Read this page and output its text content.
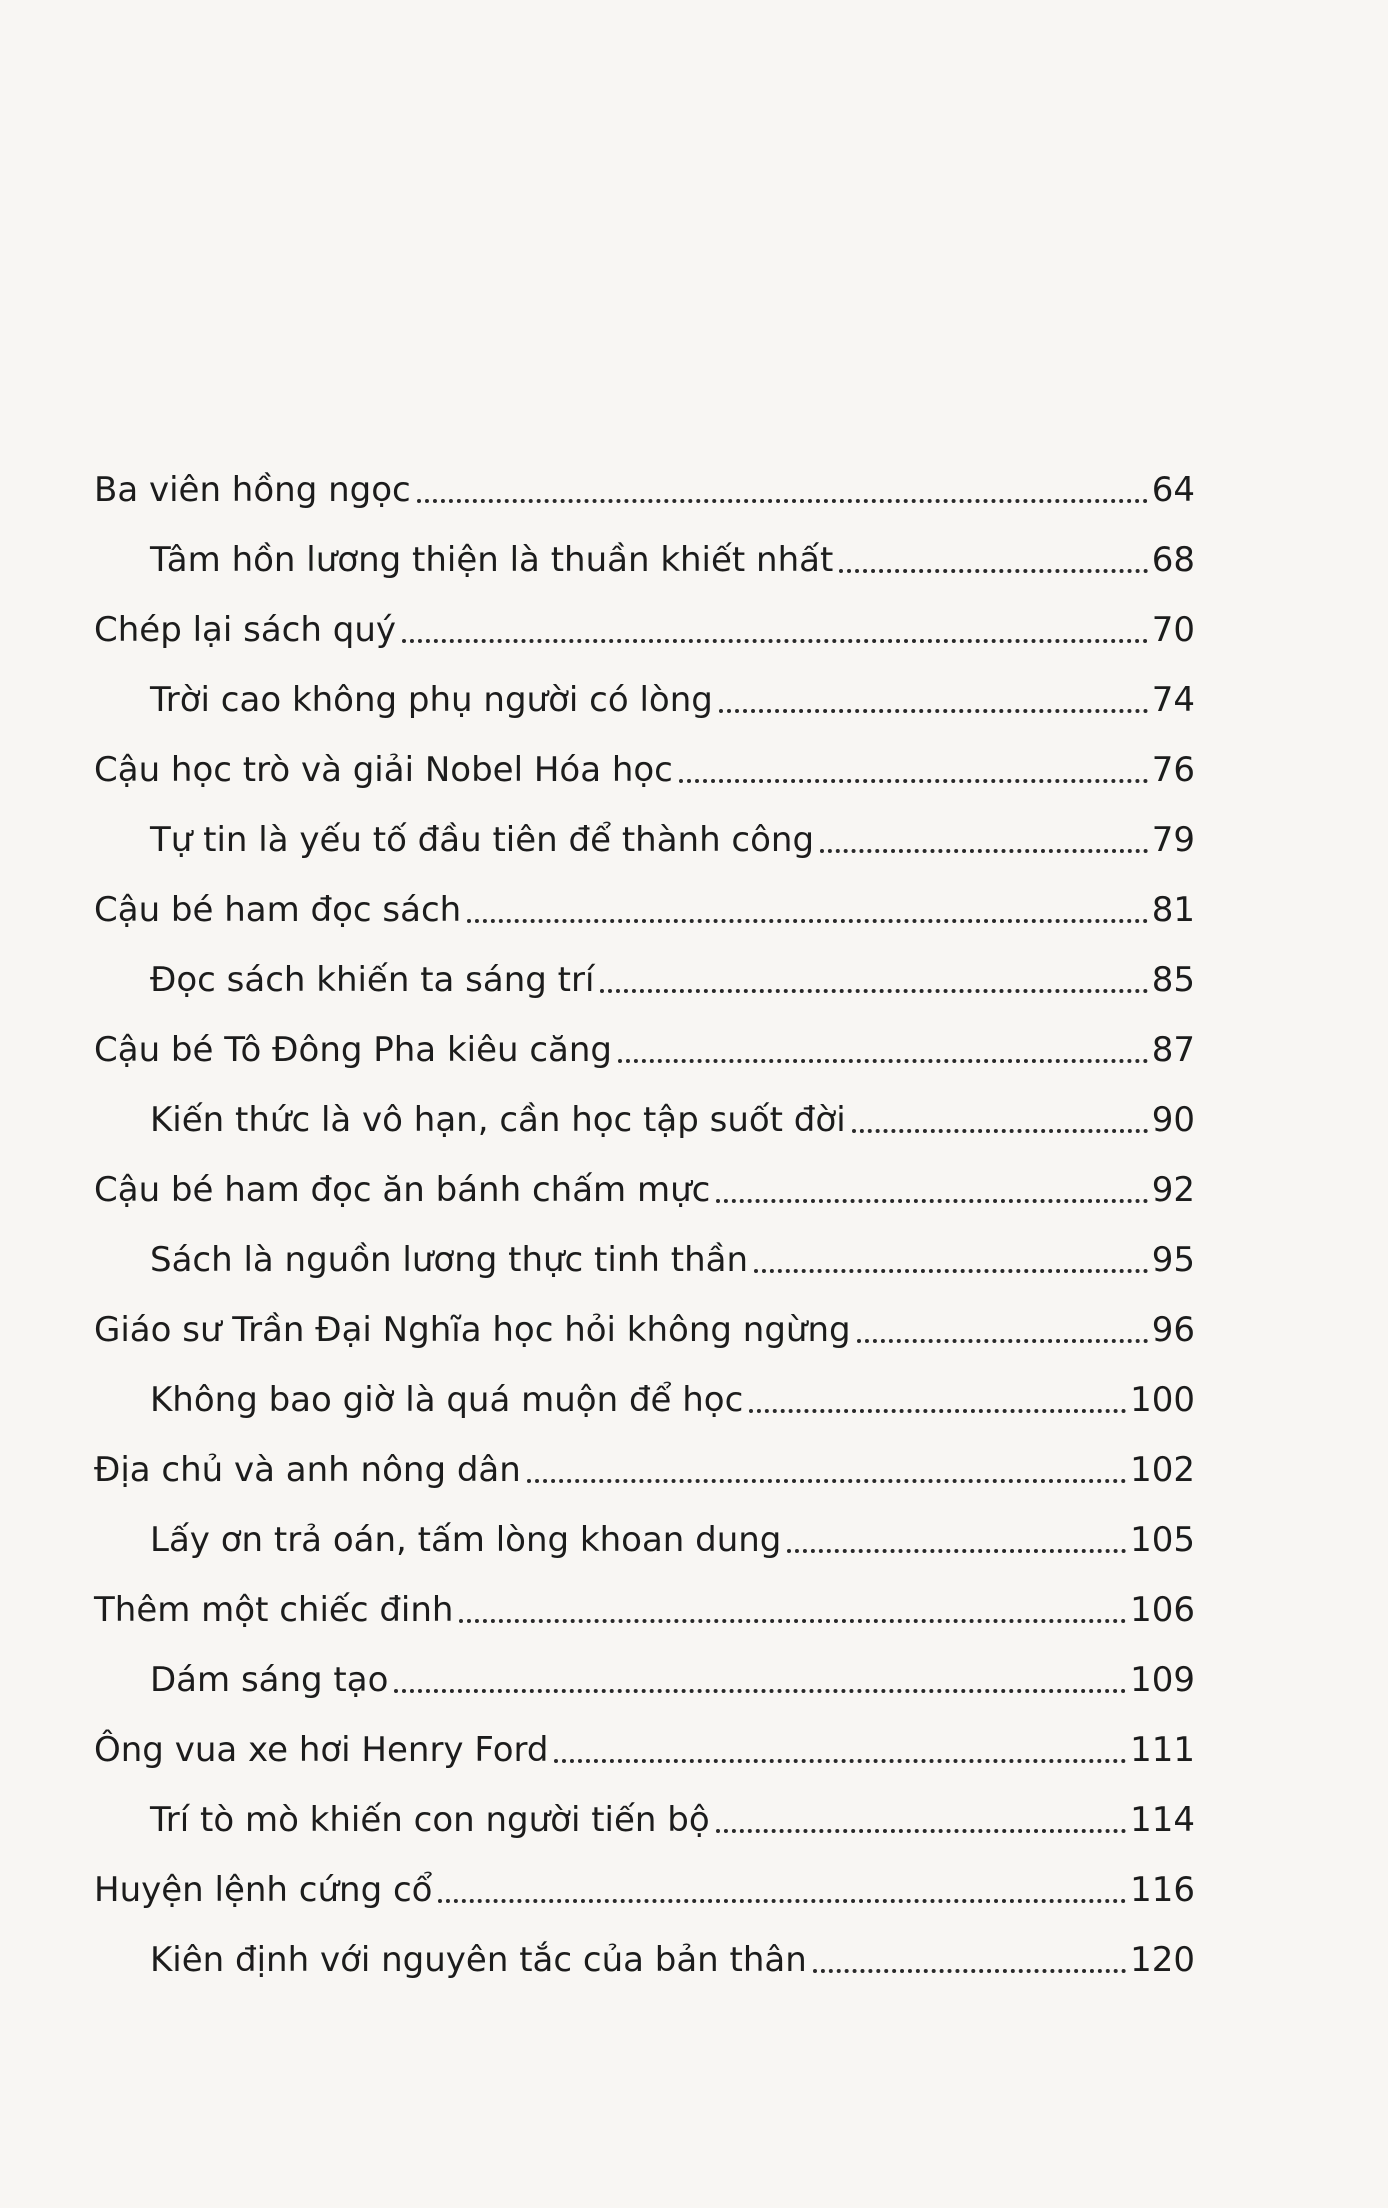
Ba viên hồng ngọc	64
Tâm hồn lương thiện là thuần khiết nhất	68
Chép lại sách quý	70
Trời cao không phụ người có lòng	74
Cậu học trò và giải Nobel Hóa học	76
Tự tin là yếu tố đầu tiên để thành công	79
Cậu bé ham đọc sách	81
Đọc sách khiến ta sáng trí	85
Cậu bé Tô Đông Pha kiêu căng	87
Kiến thức là vô hạn, cần học tập suốt đời	90
Cậu bé ham đọc ăn bánh chấm mực	92
Sách là nguồn lương thực tinh thần	95
Giáo sư Trần Đại Nghĩa học hỏi không ngừng	96
Không bao giờ là quá muộn để học	100
Địa chủ và anh nông dân	102
Lấy ơn trả oán, tấm lòng khoan dung	105
Thêm một chiếc đinh	106
Dám sáng tạo	109
Ông vua xe hơi Henry Ford	111
Trí tò mò khiến con người tiến bộ	114
Huyện lệnh cứng cổ	116
Kiên định với nguyên tắc của bản thân	120
